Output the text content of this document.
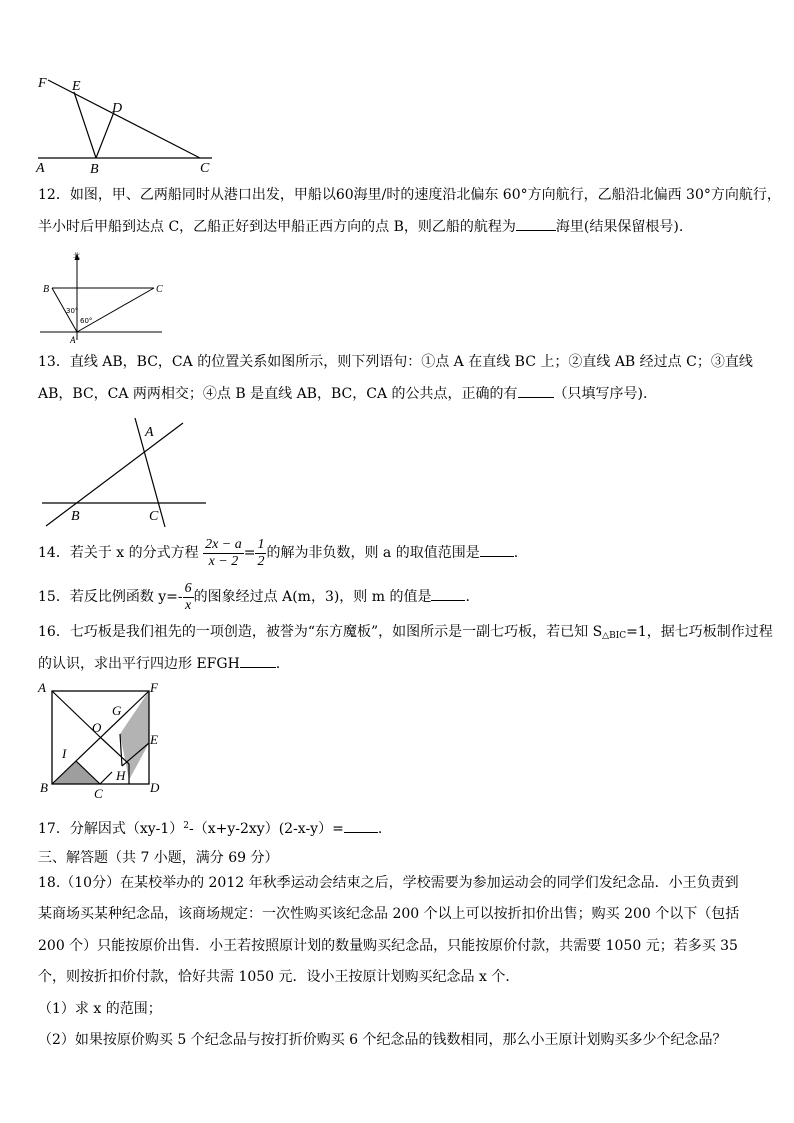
F E
D
A	B	C
12．如图，甲、乙两船同时从港口出发，甲船以60海里/时的速度沿北偏东 60°方向航行，乙船沿北偏西 30°方向航行，
半小时后甲船到达点 C，乙船正好到达甲船正西方向的点 B，则乙船的航程为	海里(结果保留根号).
北
B	C
A
30°
60°
13．直线 AB，BC，CA 的位置关系如图所示，则下列语句：①点 A 在直线 BC 上；②直线 AB 经过点 C；③直线
AB，BC，CA 两两相交；④点 B 是直线 AB，BC，CA 的公共点，正确的有	（只填写序号).
A
B	C
14．若关于 x 的分式方程 $\frac{2x - a}{x - 2} = \frac{1}{2}$ 的解为非负数，则 a 的取值范围是 .
15．若反比例函数 $y=- \frac{6}{x}$ 的图象经过点 A(m，3)，则 m 的值是 .
16．七巧板是我们祖先的一项创造，被誉为“东方魔板”，如图所示是一副七巧板，若已知 $S_{\triangle BIC}=1$，据七巧板制作过程
的认识，求出平行四边形 EFGH	.
A	F
G
O
E
I
H
B	C	D
17．分解因式$(xy-1)^2-(x+y-2xy)(2-x-y)=$ .
三、解答题（共 7 小题，满分 69 分）
18.（10分）在某校举办的 2012 年秋季运动会结束之后，学校需要为参加运动会的同学们发纪念品．小王负责到
某商场买某种纪念品，该商场规定：一次性购买该纪念品 200 个以上可以按折扣价出售；购买 200 个以下（包括
200 个）只能按原价出售．小王若按照原计划的数量购买纪念品，只能按原价付款，共需要 1050 元；若多买 35
个，则按折扣价付款，恰好共需 1050 元．设小王按原计划购买纪念品 x 个．
（1）求 x 的范围；
（2）如果按原价购买 5 个纪念品与按打折价购买 6 个纪念品的钱数相同，那么小王原计划购买多少个纪念品？
